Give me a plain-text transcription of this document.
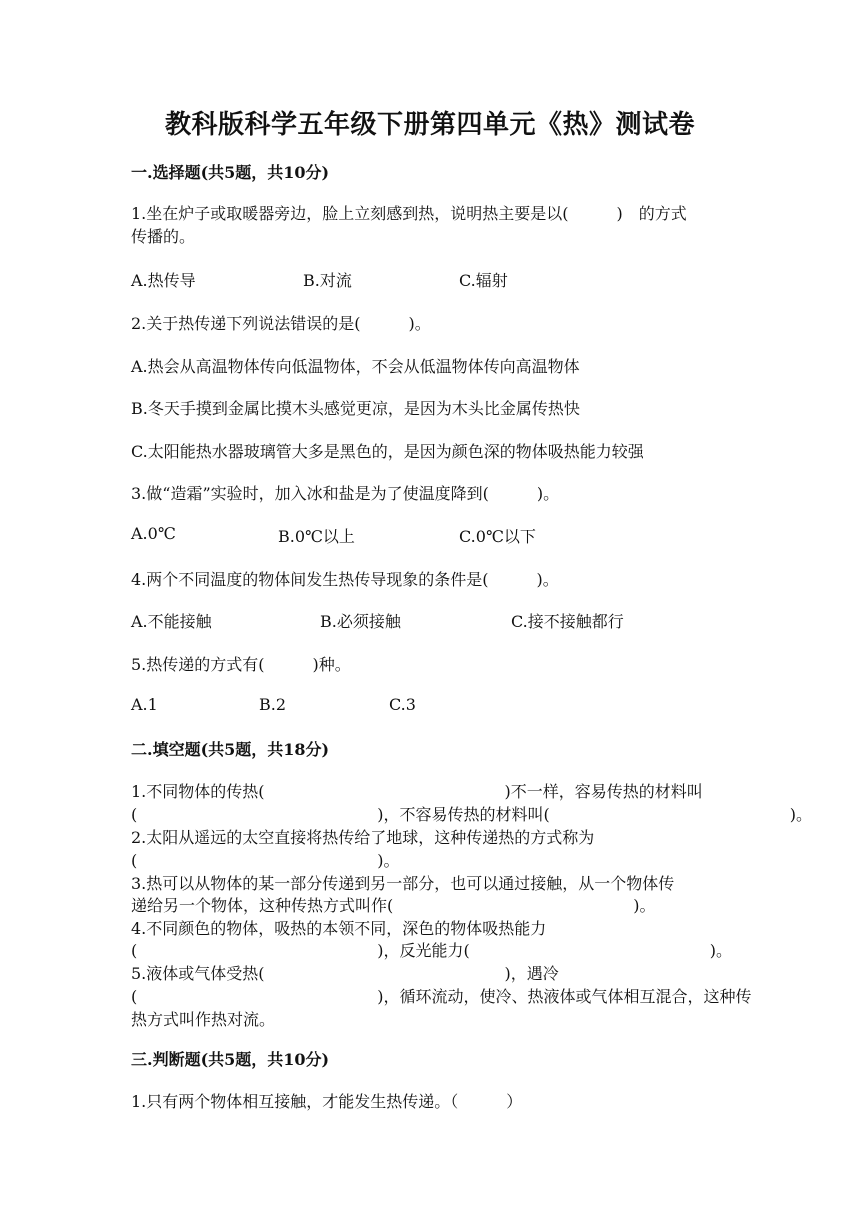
教科版科学五年级下册第四单元《热》测试卷
一.选择题(共5题，共10分)
1.坐在炉子或取暖器旁边，脸上立刻感到热，说明热主要是以(　　　)　的方式
传播的。
A.热传导	B.对流	C.辐射
2.关于热传递下列说法错误的是(　　　)。
A.热会从高温物体传向低温物体，不会从低温物体传向高温物体
B.冬天手摸到金属比摸木头感觉更凉，是因为木头比金属传热快
C.太阳能热水器玻璃管大多是黑色的，是因为颜色深的物体吸热能力较强
3.做“造霜”实验时，加入冰和盐是为了使温度降到(　　　)。
A.0℃	B.0℃以上	C.0℃以下
4.两个不同温度的物体间发生热传导现象的条件是(　　　)。
A.不能接触	B.必须接触	C.接不接触都行
5.热传递的方式有(　　　)种。
A.1	B.2	C.3
二.填空题(共5题，共18分)
1.不同物体的传热(　　　　　　　　　　　　　　　)不一样，容易传热的材料叫
(　　　　　　　　　　　　　　　)，不容易传热的材料叫(　　　　　　　　　　　　　　　)。
2.太阳从遥远的太空直接将热传给了地球，这种传递热的方式称为
(　　　　　　　　　　　　　　　)。
3.热可以从物体的某一部分传递到另一部分，也可以通过接触，从一个物体传
递给另一个物体，这种传热方式叫作(　　　　　　　　　　　　　　　)。
4.不同颜色的物体，吸热的本领不同，深色的物体吸热能力
(　　　　　　　　　　　　　　　)，反光能力(　　　　　　　　　　　　　　　)。
5.液体或气体受热(　　　　　　　　　　　　　　　)，遇冷
(　　　　　　　　　　　　　　　)，循环流动，使冷、热液体或气体相互混合，这种传
热方式叫作热对流。
三.判断题(共5题，共10分)
1.只有两个物体相互接触，才能发生热传递。（　　　）
